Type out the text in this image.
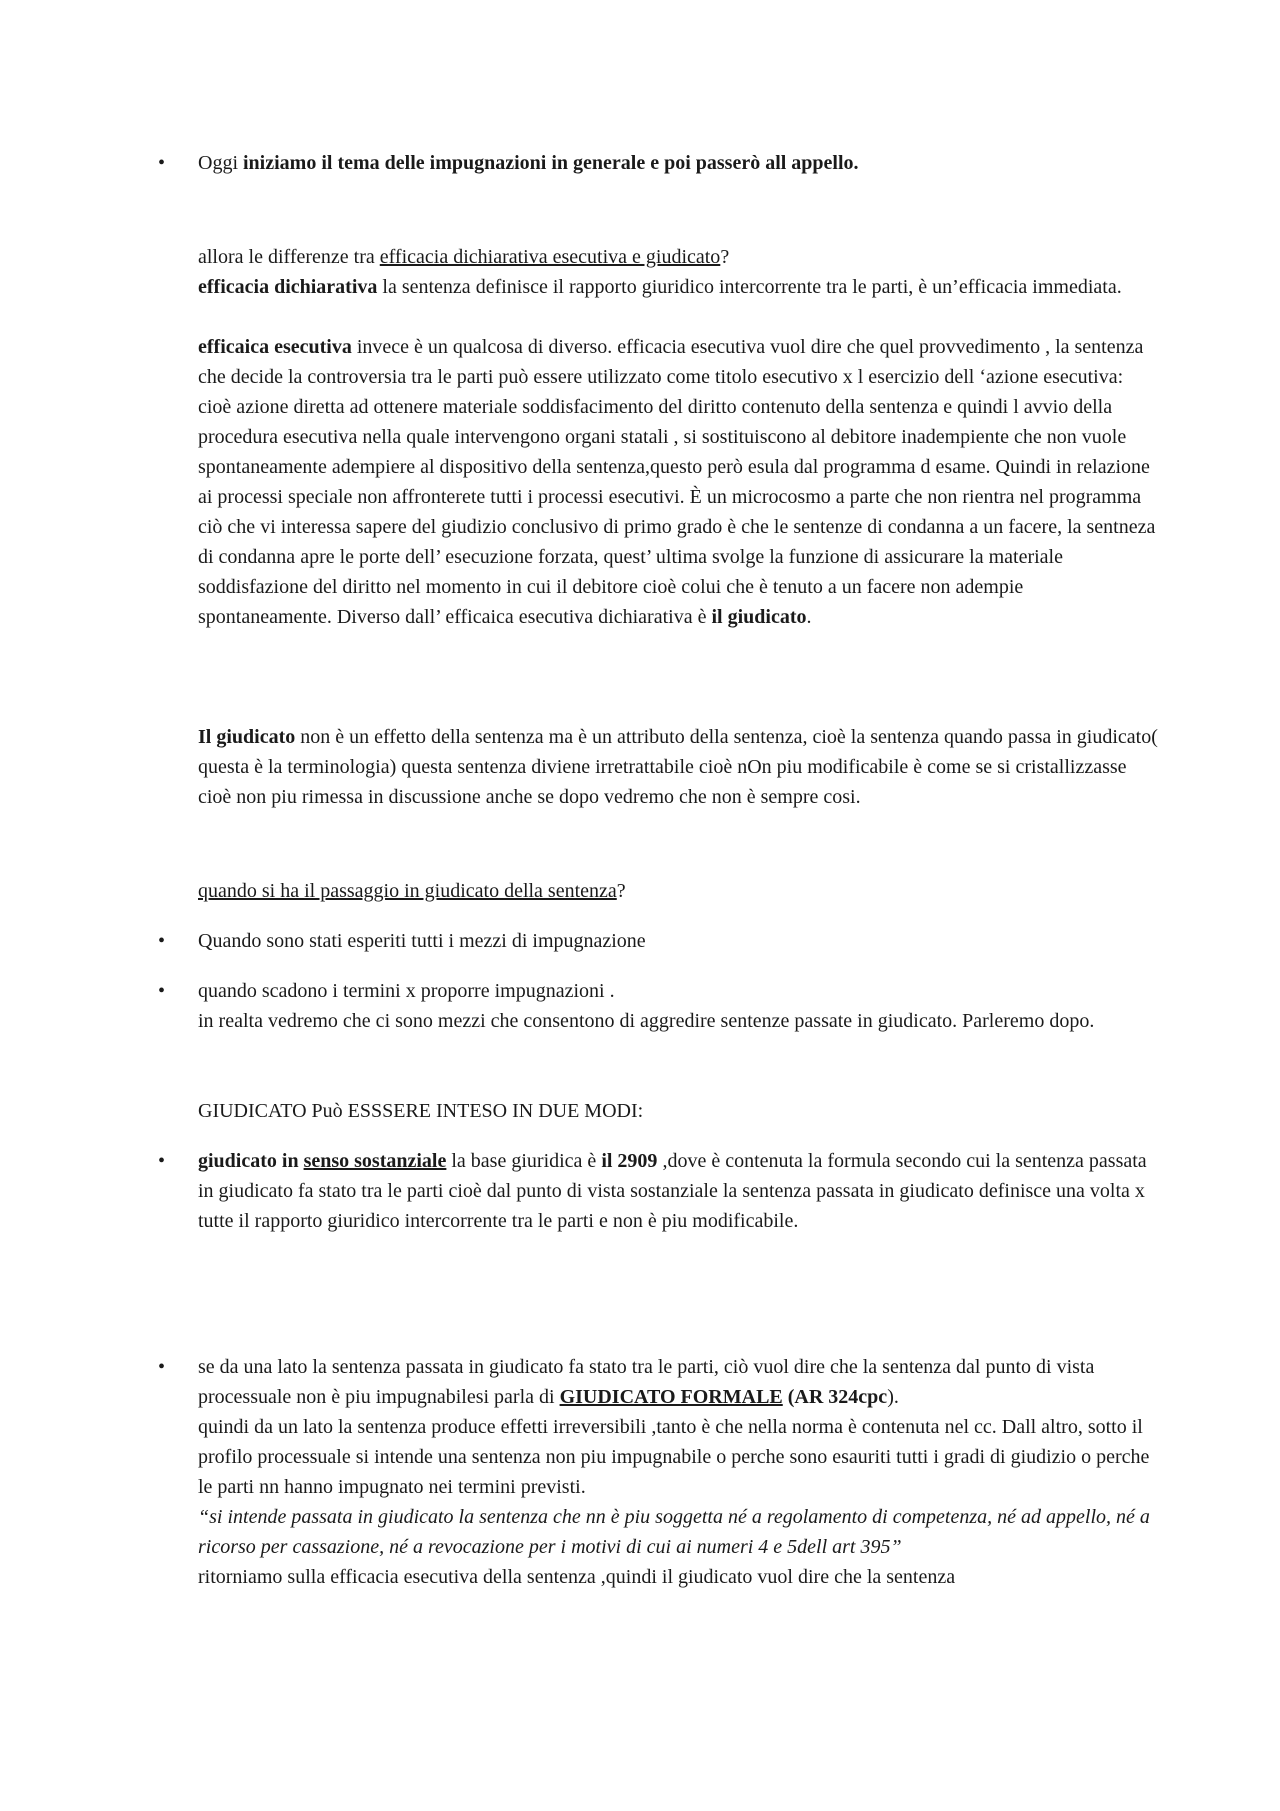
•	Oggi iniziamo il tema delle impugnazioni in generale e poi passerò all appello.

allora le differenze tra efficacia dichiarativa esecutiva e giudicato?

efficacia dichiarativa la sentenza definisce il rapporto giuridico intercorrente tra le parti, è un’efficacia immediata.

efficaica esecutiva invece è un qualcosa di diverso. efficacia esecutiva vuol dire che quel provvedimento , la sentenza che decide la controversia tra le parti può essere utilizzato come titolo esecutivo x l esercizio dell ‘azione esecutiva: cioè azione diretta ad ottenere materiale soddisfacimento del diritto contenuto della sentenza e quindi l avvio della procedura esecutiva nella quale intervengono organi statali , si sostituiscono al debitore inadempiente che non vuole spontaneamente adempiere al dispositivo della sentenza,questo però esula dal programma d esame. Quindi in relazione ai processi speciale non affronterete tutti i processi esecutivi. È un microcosmo a parte che non rientra nel programma ciò che vi interessa sapere del giudizio conclusivo di primo grado è che le sentenze di condanna a un facere, la sentneza di condanna apre le porte dell’ esecuzione forzata, quest’ ultima svolge la funzione di assicurare la materiale soddisfazione del diritto nel momento in cui il debitore cioè colui che è tenuto a un facere non adempie spontaneamente. Diverso dall’ efficaica esecutiva dichiarativa è il giudicato.

Il giudicato non è un effetto della sentenza ma è un attributo della sentenza, cioè la sentenza quando passa in giudicato( questa è la terminologia) questa sentenza diviene irretrattabile cioè nOn piu modificabile è come se si cristallizzasse cioè non piu rimessa in discussione anche se dopo vedremo che non è sempre cosi.

quando si ha il passaggio in giudicato della sentenza?

•	Quando sono stati esperiti tutti i mezzi di impugnazione

•	quando scadono i termini x proporre impugnazioni .

in realta vedremo che ci sono mezzi che consentono di aggredire sentenze passate in giudicato. Parleremo dopo.

GIUDICATO Può ESSSERE INTESO IN DUE MODI:

•	giudicato in senso sostanziale la base giuridica è il 2909 ,dove è contenuta la formula secondo cui la sentenza passata in giudicato fa stato tra le parti cioè dal punto di vista sostanziale la sentenza passata in giudicato definisce una volta x tutte il rapporto giuridico intercorrente tra le parti e non è piu modificabile.

•	se da una lato la sentenza passata in giudicato fa stato tra le parti, ciò vuol dire che la sentenza dal punto di vista processuale non è piu impugnabilesi parla di GIUDICATO FORMALE (AR 324cpc).

quindi da un lato la sentenza produce effetti irreversibili ,tanto è che nella norma è contenuta nel cc. Dall altro, sotto il profilo processuale si intende una sentenza non piu impugnabile o perche sono esauriti tutti i gradi di giudizio o perche le parti nn hanno impugnato nei termini previsti.

“si intende passata in giudicato la sentenza che nn è piu soggetta né a regolamento di competenza, né ad appello, né a ricorso per cassazione, né a revocazione per i motivi di cui ai numeri 4 e 5dell art 395”

ritorniamo sulla efficacia esecutiva della sentenza ,quindi il giudicato vuol dire che la sentenza
